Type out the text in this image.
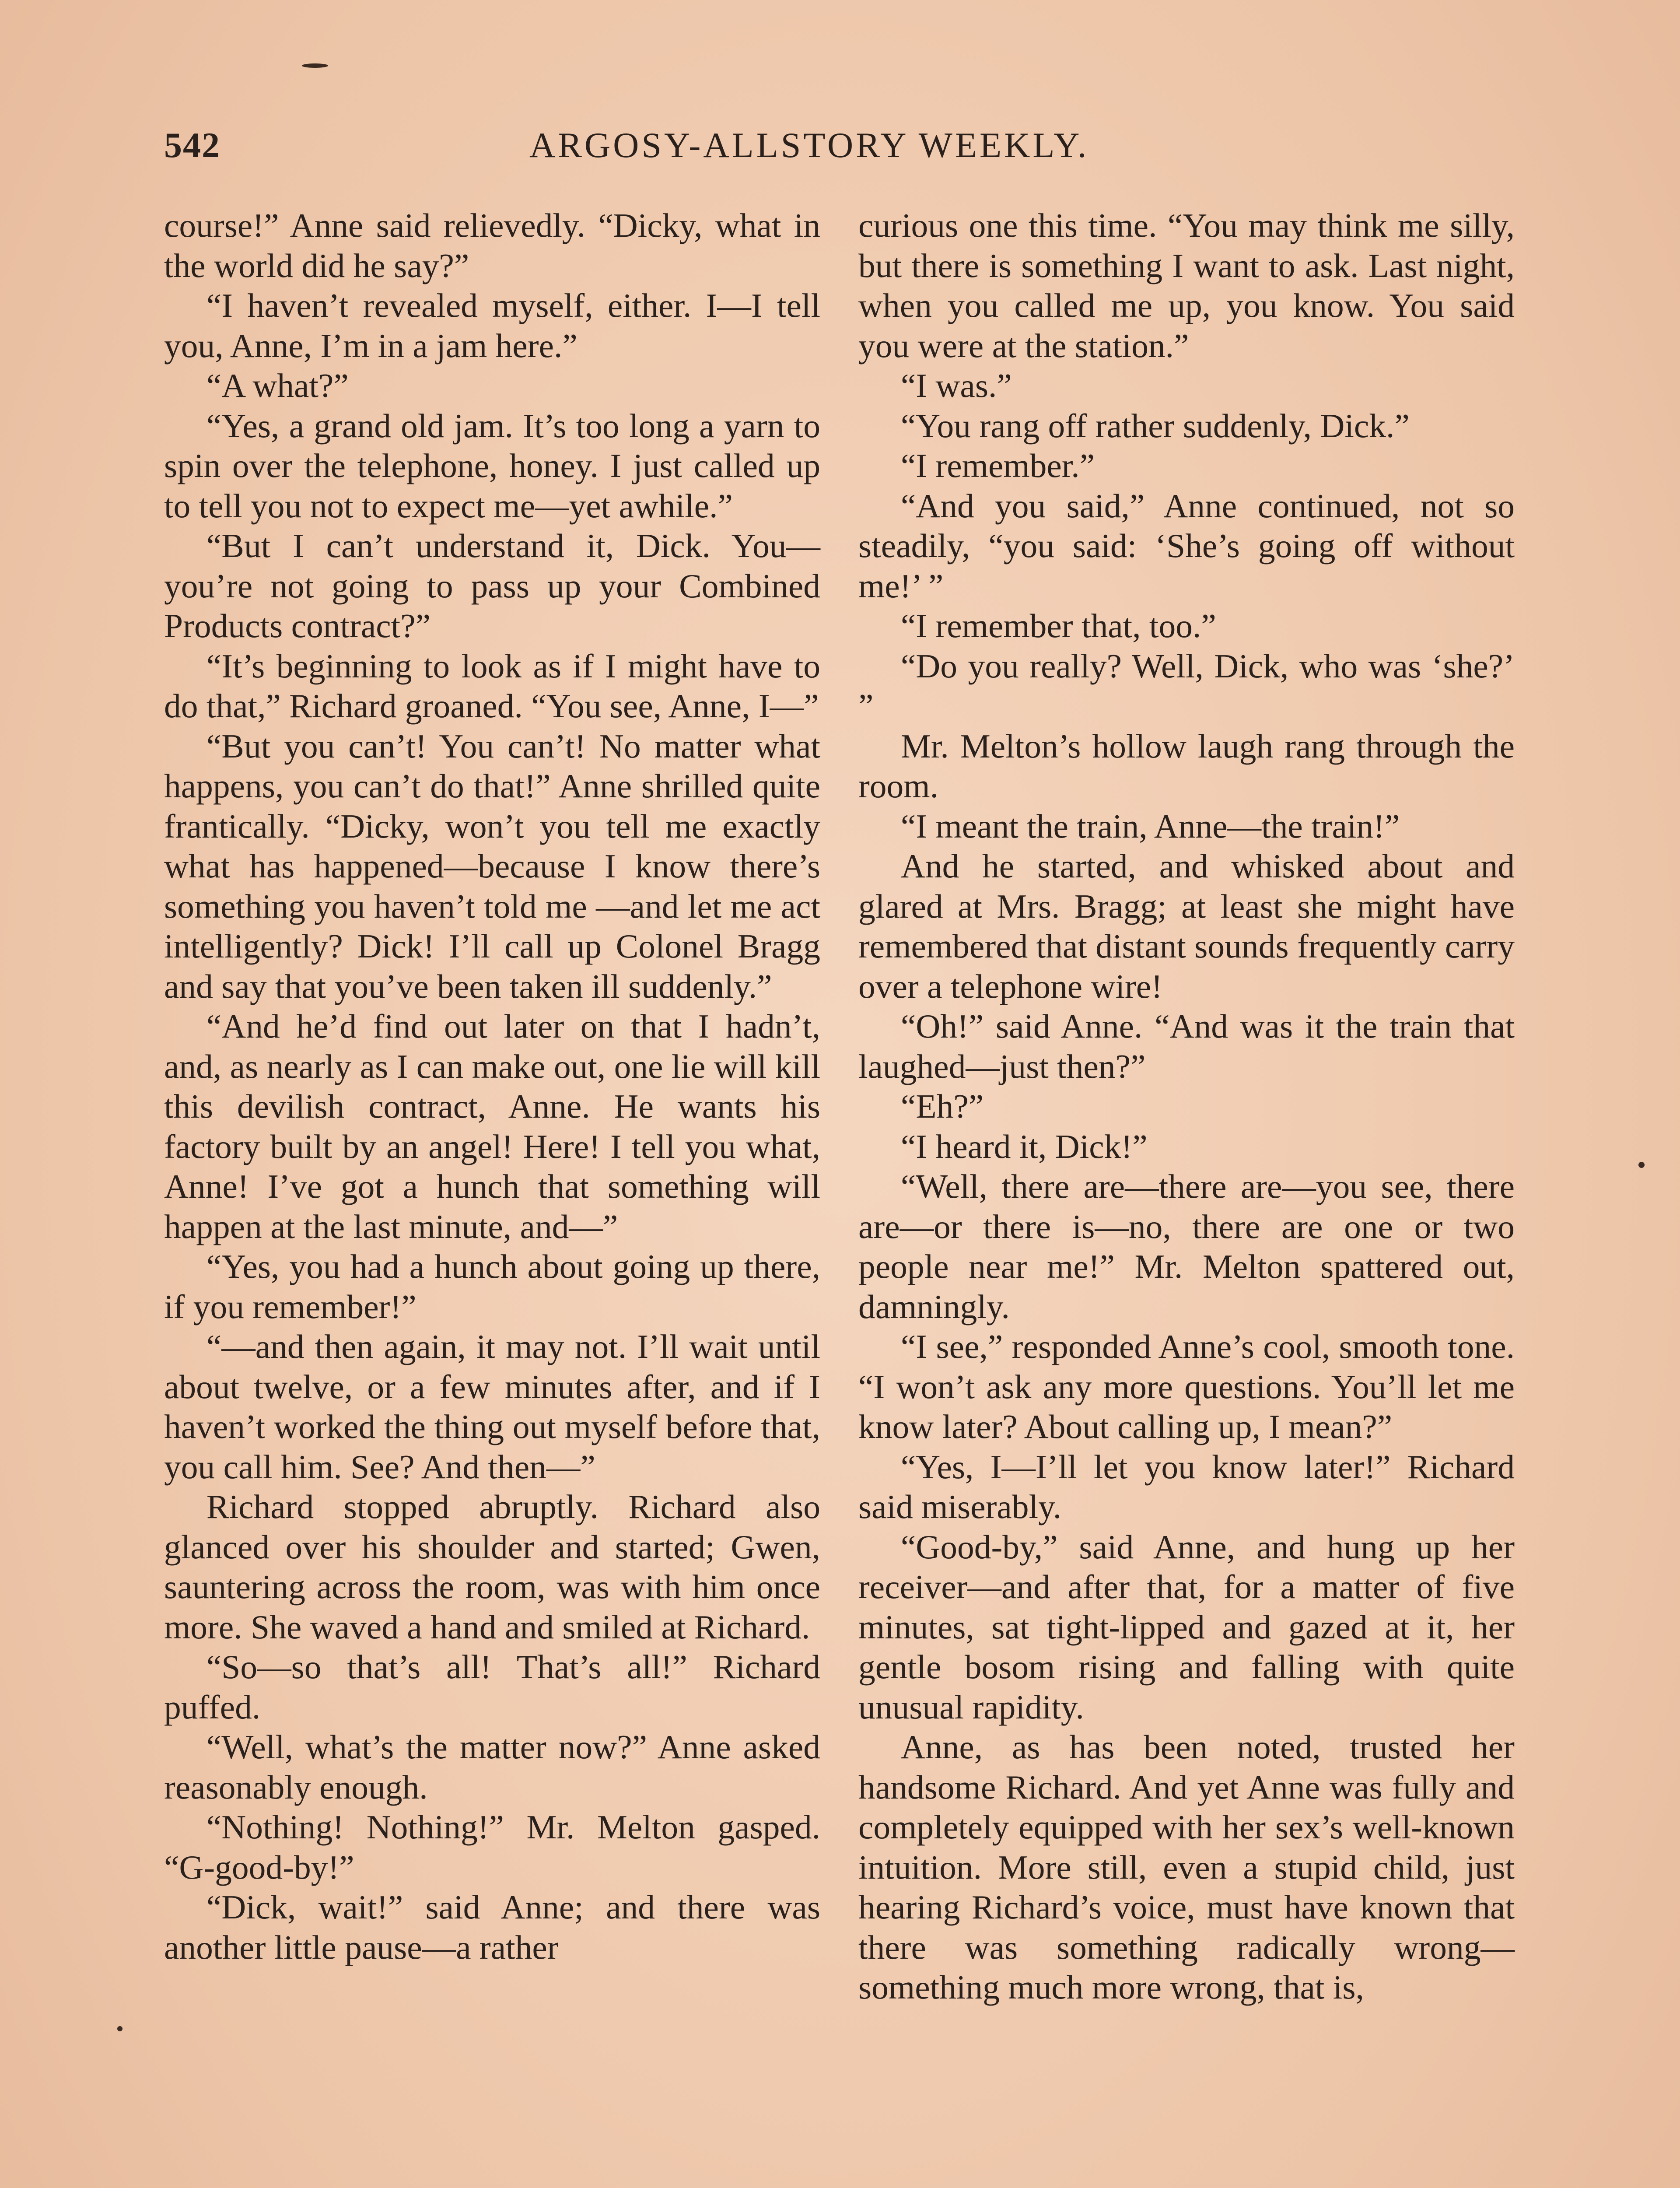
542	ARGOSY-ALLSTORY WEEKLY.

course!” Anne said relievedly. “Dicky, what in the world did he say?”

“I haven’t revealed myself, either. I—I tell you, Anne, I’m in a jam here.”

“A what?”

“Yes, a grand old jam. It’s too long a yarn to spin over the telephone, honey. I just called up to tell you not to expect me—yet awhile.”

“But I can’t understand it, Dick. You—you’re not going to pass up your Combined Products contract?”

“It’s beginning to look as if I might have to do that,” Richard groaned. “You see, Anne, I—”

“But you can’t! You can’t! No matter what happens, you can’t do that!” Anne shrilled quite frantically. “Dicky, won’t you tell me exactly what has happened—because I know there’s something you haven’t told me —and let me act intelligently? Dick! I’ll call up Colonel Bragg and say that you’ve been taken ill suddenly.”

“And he’d find out later on that I hadn’t, and, as nearly as I can make out, one lie will kill this devilish contract, Anne. He wants his factory built by an angel! Here! I tell you what, Anne! I’ve got a hunch that something will happen at the last minute, and—”

“Yes, you had a hunch about going up there, if you remember!”

“—and then again, it may not. I’ll wait until about twelve, or a few minutes after, and if I haven’t worked the thing out myself before that, you call him. See? And then—”

Richard stopped abruptly. Richard also glanced over his shoulder and started; Gwen, sauntering across the room, was with him once more. She waved a hand and smiled at Richard.

“So—so that’s all! That’s all!” Richard puffed.

“Well, what’s the matter now?” Anne asked reasonably enough.

“Nothing! Nothing!” Mr. Melton gasped. “G-good-by!”

“Dick, wait!” said Anne; and there was another little pause—a rather

curious one this time. “You may think me silly, but there is something I want to ask. Last night, when you called me up, you know. You said you were at the station.”

“I was.”

“You rang off rather suddenly, Dick.”

“I remember.”

“And you said,” Anne continued, not so steadily, “you said: ‘She’s going off without me!’ ”

“I remember that, too.”

“Do you really? Well, Dick, who was ‘she?’ ”

Mr. Melton’s hollow laugh rang through the room.

“I meant the train, Anne—the train!”

And he started, and whisked about and glared at Mrs. Bragg; at least she might have remembered that distant sounds frequently carry over a telephone wire!

“Oh!” said Anne. “And was it the train that laughed—just then?”

“Eh?”

“I heard it, Dick!”

“Well, there are—there are—you see, there are—or there is—no, there are one or two people near me!” Mr. Melton spattered out, damningly.

“I see,” responded Anne’s cool, smooth tone. “I won’t ask any more questions. You’ll let me know later? About calling up, I mean?”

“Yes, I—I’ll let you know later!” Richard said miserably.

“Good-by,” said Anne, and hung up her receiver—and after that, for a matter of five minutes, sat tight-lipped and gazed at it, her gentle bosom rising and falling with quite unusual rapidity.

Anne, as has been noted, trusted her handsome Richard. And yet Anne was fully and completely equipped with her sex’s well-known intuition. More still, even a stupid child, just hearing Richard’s voice, must have known that there was something radically wrong— something much more wrong, that is,
